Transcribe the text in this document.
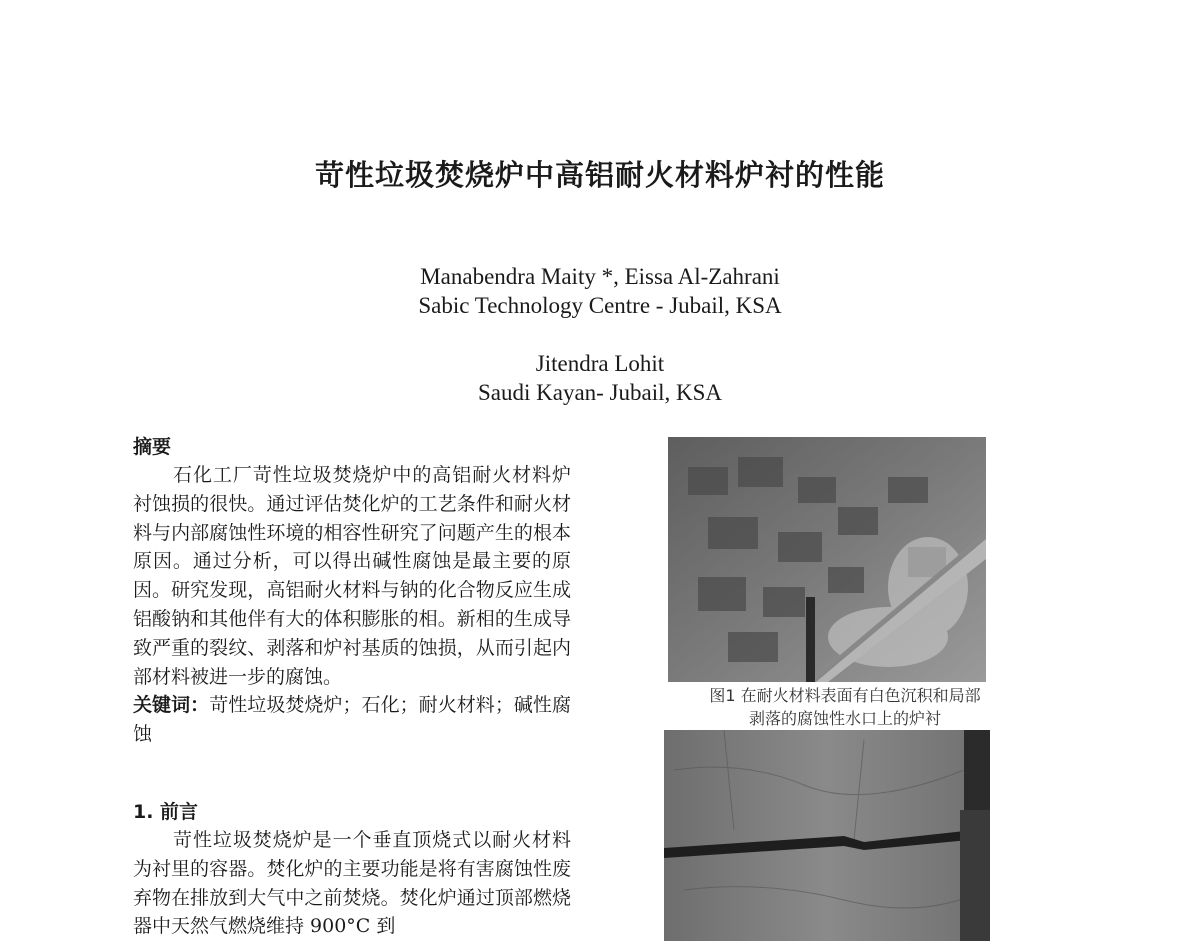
苛性垃圾焚烧炉中高铝耐火材料炉衬的性能
Manabendra Maity *, Eissa Al-Zahrani
Sabic Technology Centre - Jubail, KSA
Jitendra Lohit
Saudi Kayan- Jubail, KSA
摘要
石化工厂苛性垃圾焚烧炉中的高铝耐火材料炉衬蚀损的很快。通过评估焚化炉的工艺条件和耐火材料与内部腐蚀性环境的相容性研究了问题产生的根本原因。通过分析，可以得出碱性腐蚀是最主要的原因。研究发现，高铝耐火材料与钠的化合物反应生成铝酸钠和其他伴有大的体积膨胀的相。新相的生成导致严重的裂纹、剥落和炉衬基质的蚀损，从而引起内部材料被进一步的腐蚀。
关键词：苛性垃圾焚烧炉；石化；耐火材料；碱性腐蚀
1. 前言
苛性垃圾焚烧炉是一个垂直顶烧式以耐火材料为衬里的容器。焚化炉的主要功能是将有害腐蚀性废弃物在排放到大气中之前焚烧。焚化炉通过顶部燃烧器中天然气燃烧维持 900°C 到
图1 在耐火材料表面有白色沉积和局部
剥落的腐蚀性水口上的炉衬
